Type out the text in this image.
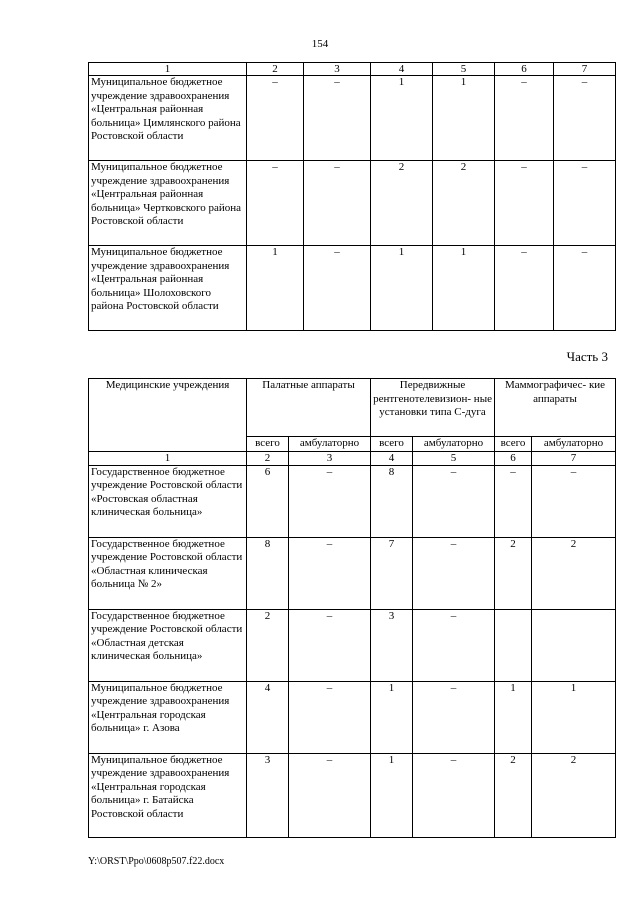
154
1	2	3	4	5	6	7
Муниципальное бюджетное учреждение здравоохранения «Центральная районная больница» Цимлянского района Ростовской области	–	–	1	1	–	–
Муниципальное бюджетное учреждение здравоохранения «Центральная районная больница» Чертковского района Ростовской области	–	–	2	2	–	–
Муниципальное бюджетное учреждение здравоохранения «Центральная районная больница» Шолоховского района Ростовской области	1	–	1	1	–	–
Часть 3
Медицинские учреждения	Палатные аппараты		Передвижные рентгенотелевизион- ные установки типа С-дуга		Маммографичес- кие аппараты	
	всего	амбулаторно	всего	амбулаторно	всего	амбулаторно
1	2	3	4	5	6	7
Государственное бюджетное учреждение Ростовской области «Ростовская областная клиническая больница»	6	–	8	–	–	–
Государственное бюджетное учреждение Ростовской области «Областная клиническая больница № 2»	8	–	7	–	2	2
Государственное бюджетное учреждение Ростовской области «Областная детская клиническая больница»	2	–	3	–		
Муниципальное бюджетное учреждение здравоохранения «Центральная городская больница» г. Азова	4	–	1	–	1	1
Муниципальное бюджетное учреждение здравоохранения «Центральная городская больница» г. Батайска Ростовской области	3	–	1	–	2	2
Y:\ORST\Ppo\0608p507.f22.docx
